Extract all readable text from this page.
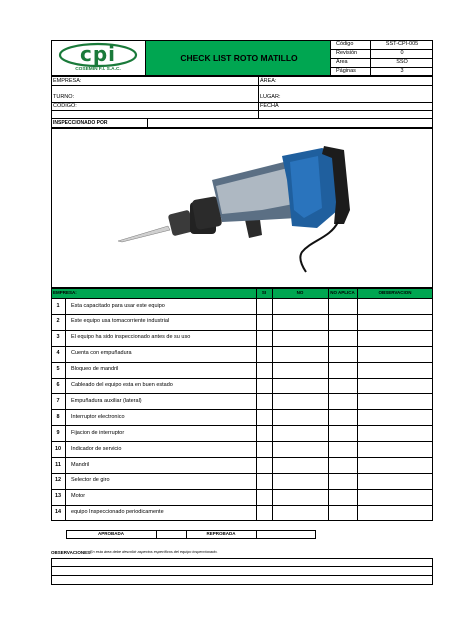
cpi
COSEMIN F.I. S.A.C.
CHECK LIST ROTO MATILLO
Código	SST-CPI-005
Revisión	0
Área	SSO
Páginas	3
EMPRESA:	ÁREA:
TURNO:	LUGAR:
CÓDIGO:	FECHA
INSPECCIONADO POR
EMPRESA:	SI	NO	NO APLICA	OBSERVACION
1	Esta capacitado para usar este equipo
2	Este equipo usa tomacorriente industrial
3	El equipo ha sido inspeccionado antes de su uso
4	Cuenta con empuñadura
5	Bloqueo de mandril
6	Cableado del equipo esta en buen estado
7	Empuñadura auxiliar (lateral)
8	Interruptor electronico
9	Fijacion de interruptor
10	Indicador de servicio
11	Mandril
12	Selector de giro
13	Motor
14	equipo Inspeccionado periodicamente
APROBADA	REPROBADA
OBSERVACIONES:
En esta área debe describir aspectos específicos del equipo inspeccionado.
